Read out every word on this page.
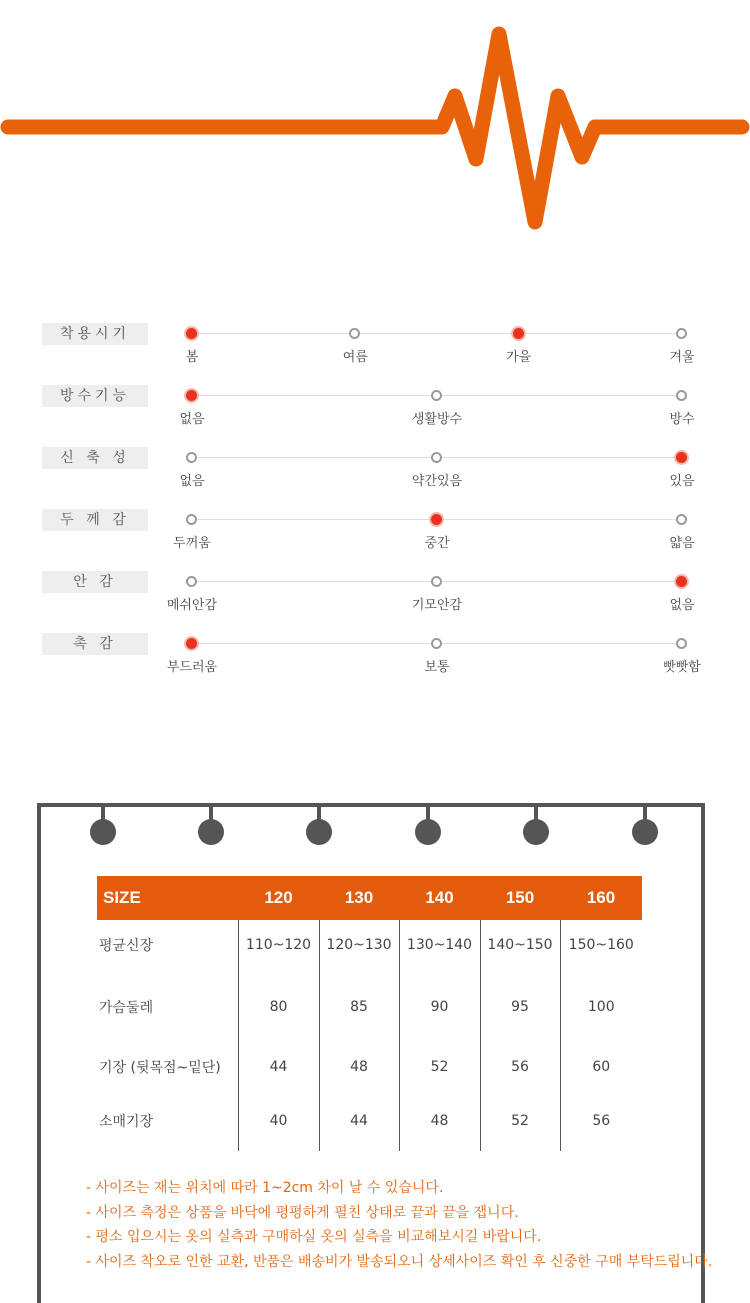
착용시기
봄	여름	가을	겨울
방수기능
없음	생활방수	방수
신 축 성
없음	약간있음	있음
두 께 감
두꺼움	중간	얇음
안 감
메쉬안감	기모안감	없음
촉 감
부드러움	보통	빳빳함
SIZE	120	130	140	150	160
평균신장	110~120	120~130	130~140	140~150	150~160
가슴둘레	80	85	90	95	100
기장 (뒷목점~밑단)	44	48	52	56	60
소매기장	40	44	48	52	56
- 사이즈는 재는 위치에 따라 1~2cm 차이 날 수 있습니다.
- 사이즈 측정은 상품을 바닥에 평평하게 펼친 상태로 끝과 끝을 잽니다.
- 평소 입으시는 옷의 실측과 구매하실 옷의 실측을 비교해보시길 바랍니다.
- 사이즈 착오로 인한 교환, 반품은 배송비가 발송되오니 상세사이즈 확인 후 신중한 구매 부탁드립니다.
